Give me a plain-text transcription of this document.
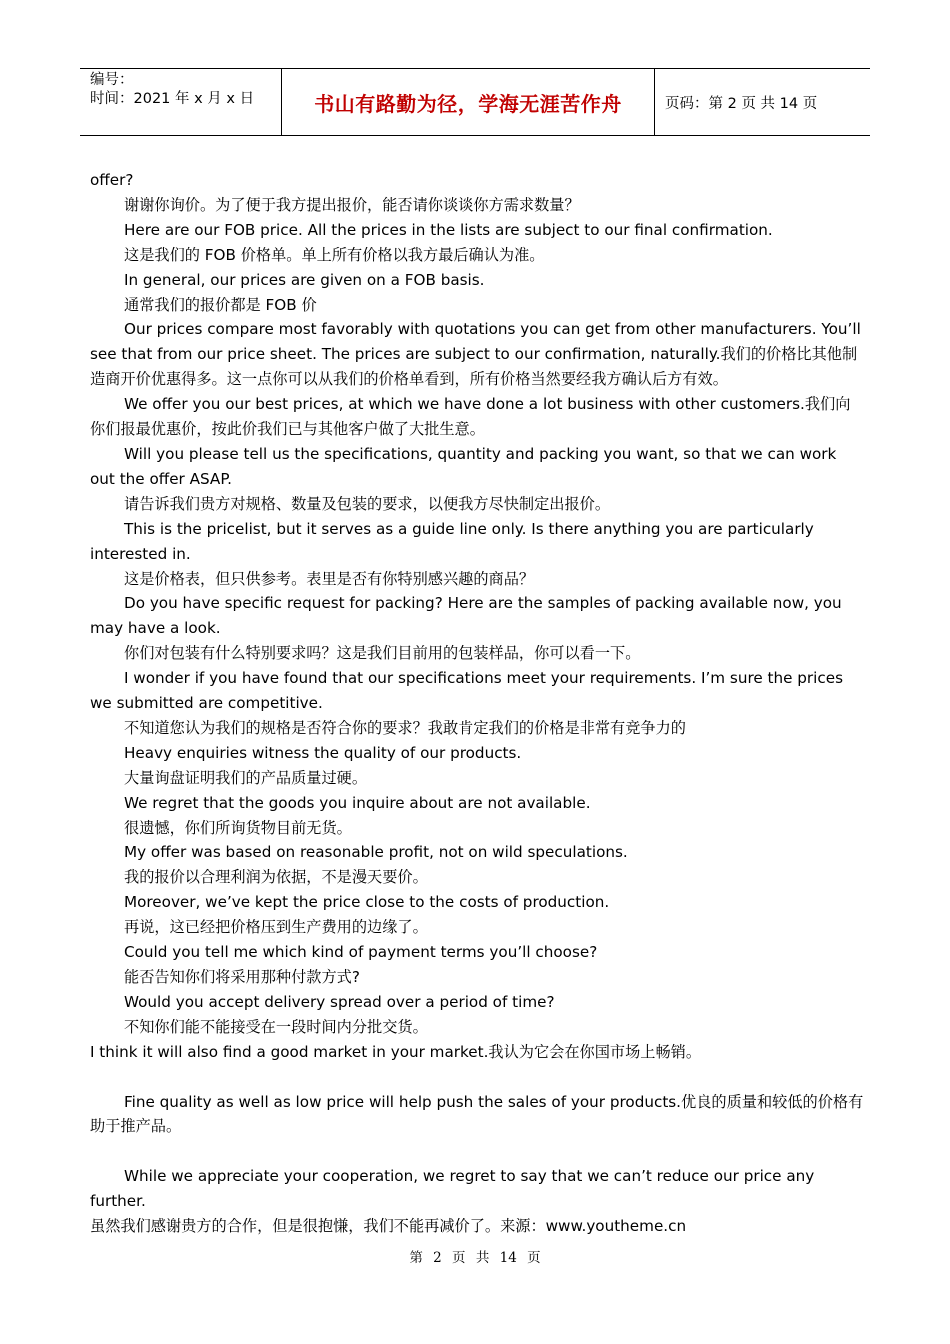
编号：
时间：2021 年 x 月 x 日	书山有路勤为径，学海无涯苦作舟	页码：第 2 页 共 14 页

offer?

谢谢你询价。为了便于我方提出报价，能否请你谈谈你方需求数量？

Here are our FOB price. All the prices in the lists are subject to our final confirmation.

这是我们的 FOB 价格单。单上所有价格以我方最后确认为准。

In general, our prices are given on a FOB basis.

通常我们的报价都是 FOB 价

Our prices compare most favorably with quotations you can get from other manufacturers. You’ll see that from our price sheet. The prices are subject to our confirmation, naturally.我们的价格比其他制造商开价优惠得多。这一点你可以从我们的价格单看到，所有价格当然要经我方确认后方有效。

We offer you our best prices, at which we have done a lot business with other customers.我们向你们报最优惠价，按此价我们已与其他客户做了大批生意。

Will you please tell us the specifications, quantity and packing you want, so that we can work out the offer ASAP.

请告诉我们贵方对规格、数量及包装的要求，以便我方尽快制定出报价。

This is the pricelist, but it serves as a guide line only. Is there anything you are particularly interested in.

这是价格表，但只供参考。表里是否有你特别感兴趣的商品？

Do you have specific request for packing? Here are the samples of packing available now, you may have a look.

你们对包装有什么特别要求吗？这是我们目前用的包装样品，你可以看一下。

I wonder if you have found that our specifications meet your requirements. I’m sure the prices we submitted are competitive.

不知道您认为我们的规格是否符合你的要求？我敢肯定我们的价格是非常有竞争力的

Heavy enquiries witness the quality of our products.

大量询盘证明我们的产品质量过硬。

We regret that the goods you inquire about are not available.

很遗憾，你们所询货物目前无货。

My offer was based on reasonable profit, not on wild speculations.

我的报价以合理利润为依据，不是漫天要价。

Moreover, we’ve kept the price close to the costs of production.

再说，这已经把价格压到生产费用的边缘了。

Could you tell me which kind of payment terms you’ll choose?

能否告知你们将采用那种付款方式?

Would you accept delivery spread over a period of time?

不知你们能不能接受在一段时间内分批交货。

I think it will also find a good market in your market.我认为它会在你国市场上畅销。

Fine quality as well as low price will help push the sales of your products.优良的质量和较低的价格有助于推产品。

While we appreciate your cooperation, we regret to say that we can’t reduce our price any further.

虽然我们感谢贵方的合作，但是很抱慊，我们不能再减价了。来源：www.youtheme.cn

第 2 页 共 14 页
